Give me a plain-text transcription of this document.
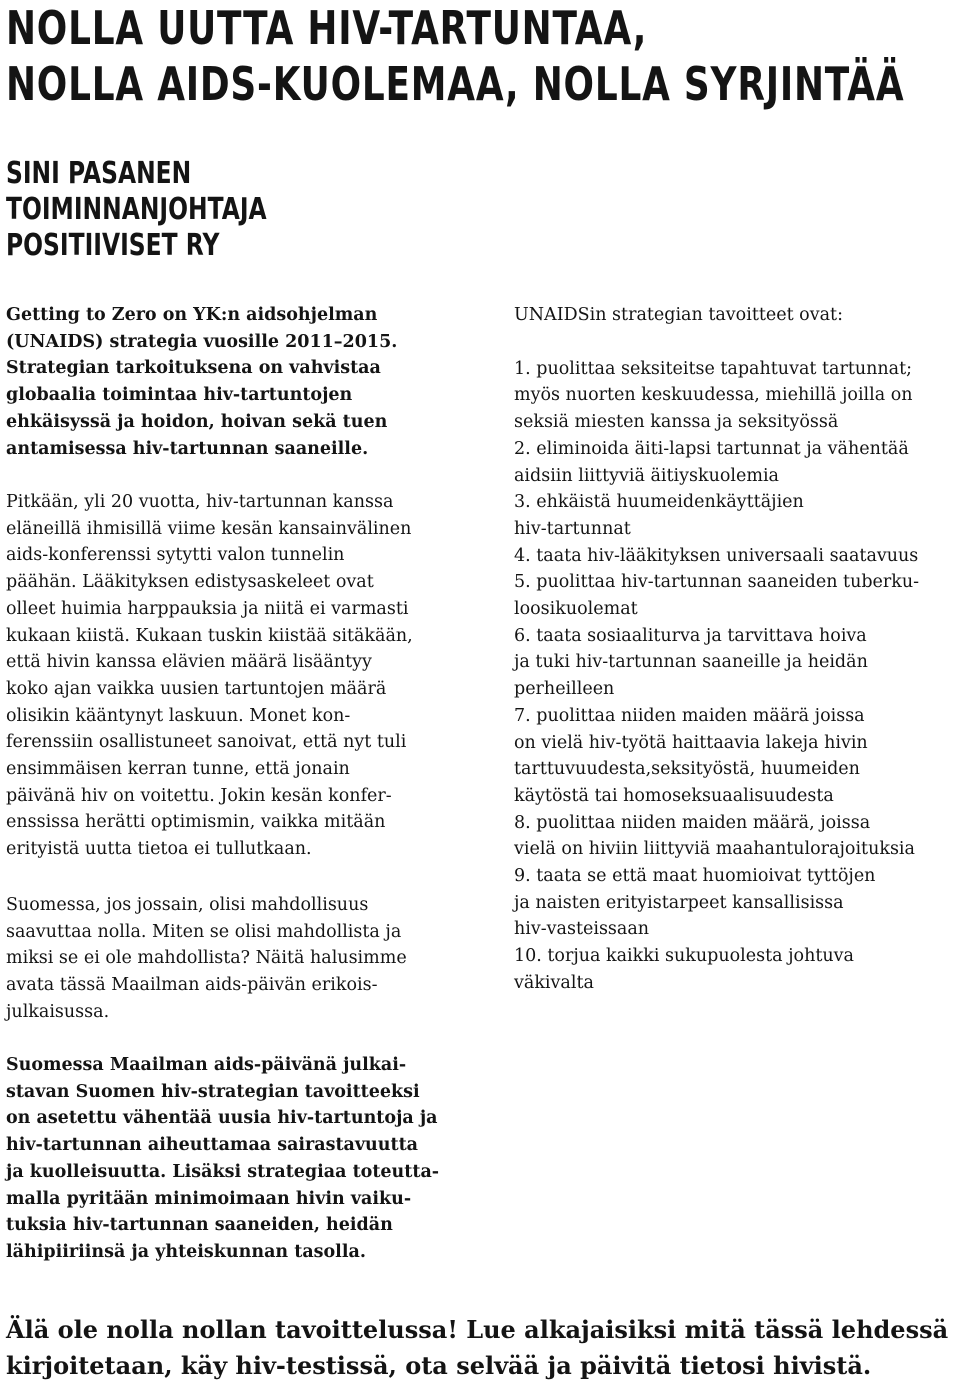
NOLLA UUTTA HIV-TARTUNTAA,
NOLLA AIDS-KUOLEMAA, NOLLA SYRJINTÄÄ
SINI PASANEN
TOIMINNANJOHTAJA
POSITIIVISET RY
Getting to Zero on YK:n aidsohjelman
(UNAIDS) strategia vuosille 2011–2015.
Strategian tarkoituksena on vahvistaa
globaalia toimintaa hiv-tartuntojen
ehkäisyssä ja hoidon, hoivan sekä tuen
antamisessa hiv-tartunnan saaneille.
Pitkään, yli 20 vuotta, hiv-tartunnan kanssa
eläneillä ihmisillä viime kesän kansainvälinen
aids-konferenssi sytytti valon tunnelin
päähän. Lääkityksen edistysaskeleet ovat
olleet huimia harppauksia ja niitä ei varmasti
kukaan kiistä. Kukaan tuskin kiistää sitäkään,
että hivin kanssa elävien määrä lisääntyy
koko ajan vaikka uusien tartuntojen määrä
olisikin kääntynyt laskuun. Monet kon-
ferenssiin osallistuneet sanoivat, että nyt tuli
ensimmäisen kerran tunne, että jonain
päivänä hiv on voitettu. Jokin kesän konfer-
enssissa herätti optimismin, vaikka mitään
erityistä uutta tietoa ei tullutkaan.
Suomessa, jos jossain, olisi mahdollisuus
saavuttaa nolla. Miten se olisi mahdollista ja
miksi se ei ole mahdollista? Näitä halusimme
avata tässä Maailman aids-päivän erikois-
julkaisussa.
Suomessa Maailman aids-päivänä julkai-
stavan Suomen hiv-strategian tavoitteeksi
on asetettu vähentää uusia hiv-tartuntoja ja
hiv-tartunnan aiheuttamaa sairastavuutta
ja kuolleisuutta. Lisäksi strategiaa toteutta-
malla pyritään minimoimaan hivin vaiku-
tuksia hiv-tartunnan saaneiden, heidän
lähipiiriinsä ja yhteiskunnan tasolla.

UNAIDSin strategian tavoitteet ovat:

1. puolittaa seksiteitse tapahtuvat tartunnat;
myös nuorten keskuudessa, miehillä joilla on
seksiä miesten kanssa ja seksityössä
2. eliminoida äiti-lapsi tartunnat ja vähentää
aidsiin liittyviä äitiyskuolemia
3. ehkäistä huumeidenkäyttäjien
hiv-tartunnat
4. taata hiv-lääkityksen universaali saatavuus
5. puolittaa hiv-tartunnan saaneiden tuberku-
loosikuolemat
6. taata sosiaaliturva ja tarvittava hoiva
ja tuki hiv-tartunnan saaneille ja heidän
perheilleen
7. puolittaa niiden maiden määrä joissa
on vielä hiv-työtä haittaavia lakeja hivin
tarttuvuudesta,seksityöstä, huumeiden
käytöstä tai homoseksuaalisuudesta
8. puolittaa niiden maiden määrä, joissa
vielä on hiviin liittyviä maahantulorajoituksia
9. taata se että maat huomioivat tyttöjen
ja naisten erityistarpeet kansallisissa
hiv-vasteissaan
10. torjua kaikki sukupuolesta johtuva
väkivalta
Älä ole nolla nollan tavoittelussa! Lue alkajaisiksi mitä tässä lehdessä
kirjoitetaan, käy hiv-testissä, ota selvää ja päivitä tietosi hivistä.
